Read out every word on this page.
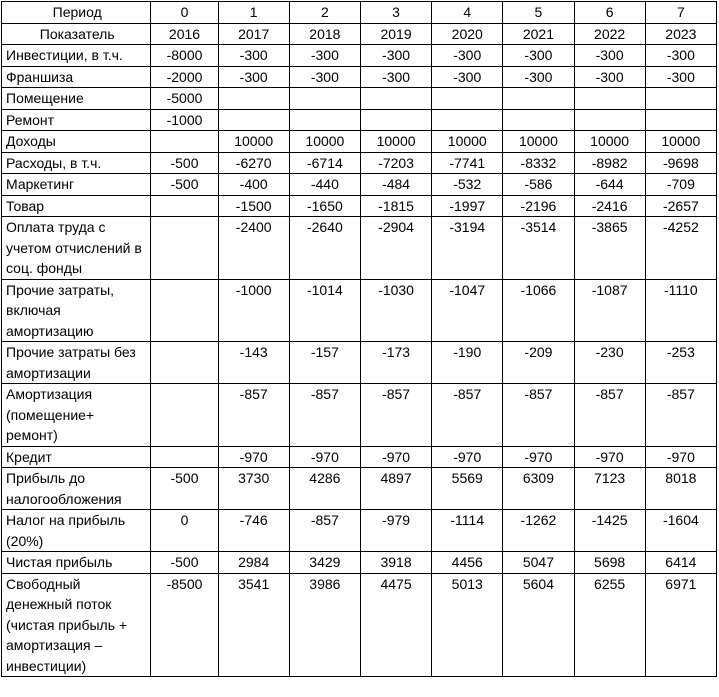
Период	0	1	2	3	4	5	6	7
Показатель	2016	2017	2018	2019	2020	2021	2022	2023
Инвестиции, в т.ч.	-8000	-300	-300	-300	-300	-300	-300	-300
Франшиза	-2000	-300	-300	-300	-300	-300	-300	-300
Помещение	-5000							
Ремонт	-1000							
Доходы		10000	10000	10000	10000	10000	10000	10000
Расходы, в т.ч.	-500	-6270	-6714	-7203	-7741	-8332	-8982	-9698
Маркетинг	-500	-400	-440	-484	-532	-586	-644	-709
Товар		-1500	-1650	-1815	-1997	-2196	-2416	-2657
Оплата труда с учетом отчислений в соц. фонды		-2400	-2640	-2904	-3194	-3514	-3865	-4252
Прочие затраты, включая амортизацию		-1000	-1014	-1030	-1047	-1066	-1087	-1110
Прочие затраты без амортизации		-143	-157	-173	-190	-209	-230	-253
Амортизация (помещение+ ремонт)		-857	-857	-857	-857	-857	-857	-857
Кредит		-970	-970	-970	-970	-970	-970	-970
Прибыль до налогообложения	-500	3730	4286	4897	5569	6309	7123	8018
Налог на прибыль (20%)	0	-746	-857	-979	-1114	-1262	-1425	-1604
Чистая прибыль	-500	2984	3429	3918	4456	5047	5698	6414
Свободный денежный поток (чистая прибыль + амортизация – инвестиции)	-8500	3541	3986	4475	5013	5604	6255	6971
